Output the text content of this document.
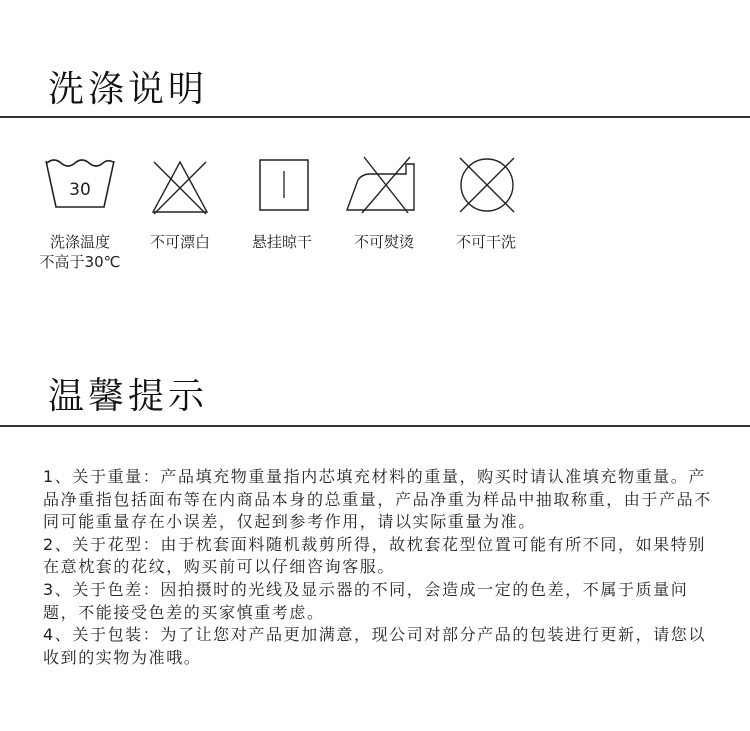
洗涤说明
30
洗涤温度
不高于30℃
不可漂白	悬挂晾干	不可熨烫	不可干洗
温馨提示

1、关于重量：产品填充物重量指内芯填充材料的重量，购买时请认准填充物重量。产品净重指包括面布等在内商品本身的总重量，产品净重为样品中抽取称重，由于产品不同可能重量存在小误差，仅起到参考作用，请以实际重量为准。

2、关于花型：由于枕套面料随机裁剪所得，故枕套花型位置可能有所不同，如果特别在意枕套的花纹，购买前可以仔细咨询客服。

3、关于色差：因拍摄时的光线及显示器的不同，会造成一定的色差，不属于质量问题，不能接受色差的买家慎重考虑。

4、关于包装：为了让您对产品更加满意，现公司对部分产品的包装进行更新，请您以收到的实物为准哦。
